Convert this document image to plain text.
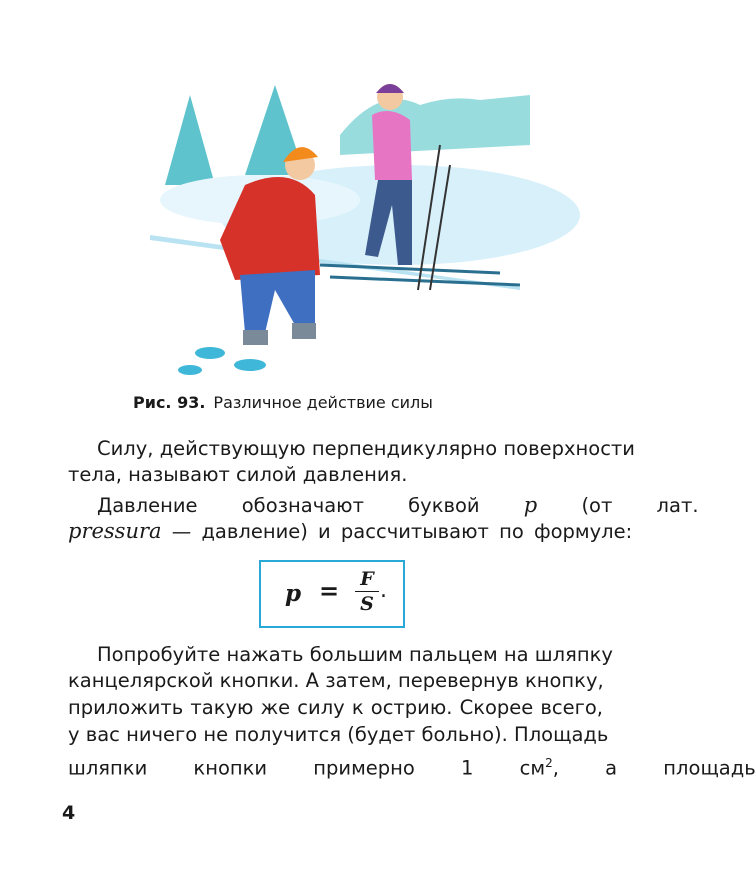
Рис. 93. Различное действие силы
Силу, действующую перпендикулярно поверхности
тела, называют силой давления.
Давление обозначают буквой p (от лат.
pressura — давление) и рассчитывают по формуле:
p = F
S
.
Попробуйте нажать большим пальцем на шляпку
канцелярской кнопки. А затем, перевернув кнопку,
приложить такую же силу к острию. Скорее всего,
у вас ничего не получится (будет больно). Площадь
шляпки кнопки примерно 1 $см^2$, а площадь
4
